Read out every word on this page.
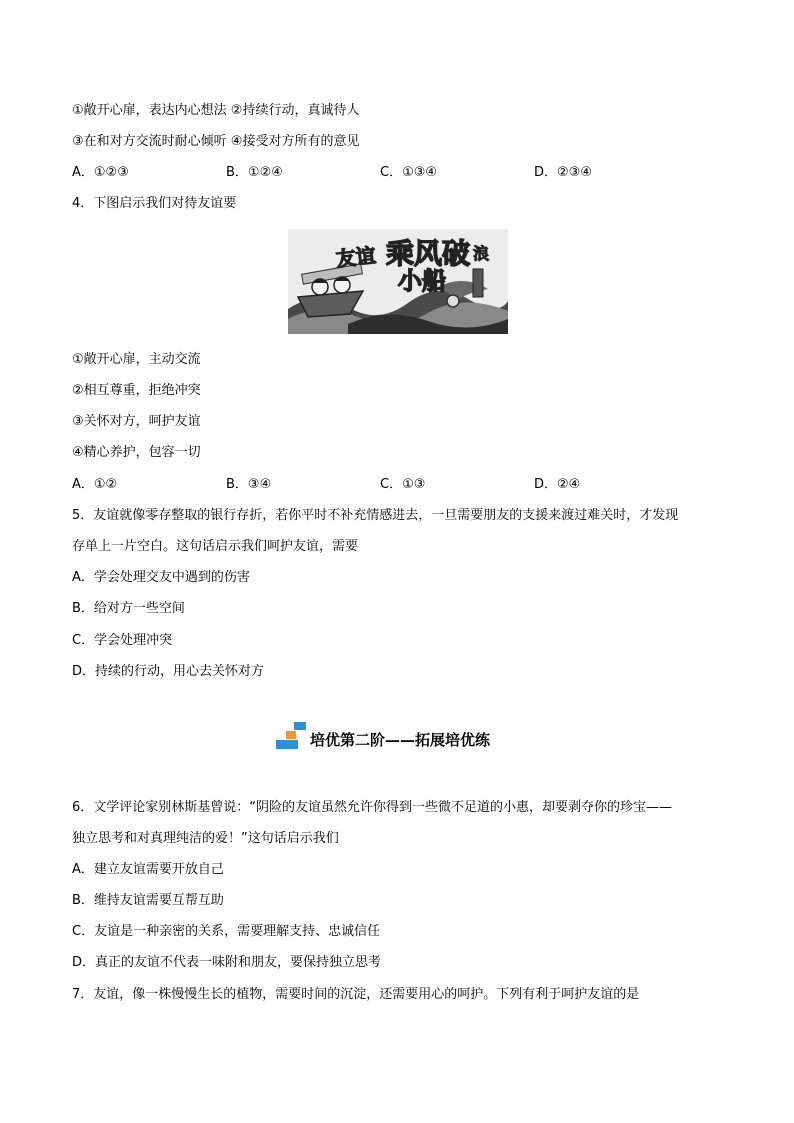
①敞开心扉，表达内心想法 ②持续行动，真诚待人
③在和对方交流时耐心倾听 ④接受对方所有的意见
A．①②③	B．①②④	C．①③④	D．②③④
4．下图启示我们对待友谊要
友谊 乘风破 浪
小船
①敞开心扉，主动交流
②相互尊重，拒绝冲突
③关怀对方，呵护友谊
④精心养护，包容一切
A．①②	B．③④	C．①③	D．②④
5．友谊就像零存整取的银行存折，若你平时不补充情感进去，一旦需要朋友的支援来渡过难关时，才发现
存单上一片空白。这句话启示我们呵护友谊，需要
A．学会处理交友中遇到的伤害
B．给对方一些空间
C．学会处理冲突
D．持续的行动，用心去关怀对方
培优第二阶——拓展培优练
6．文学评论家别林斯基曾说：“阴险的友谊虽然允许你得到一些微不足道的小惠，却要剥夺你的珍宝——
独立思考和对真理纯洁的爱！”这句话启示我们
A．建立友谊需要开放自己
B．维持友谊需要互帮互助
C．友谊是一种亲密的关系，需要理解支持、忠诚信任
D．真正的友谊不代表一味附和朋友，要保持独立思考
7．友谊，像一株慢慢生长的植物，需要时间的沉淀，还需要用心的呵护。下列有利于呵护友谊的是
